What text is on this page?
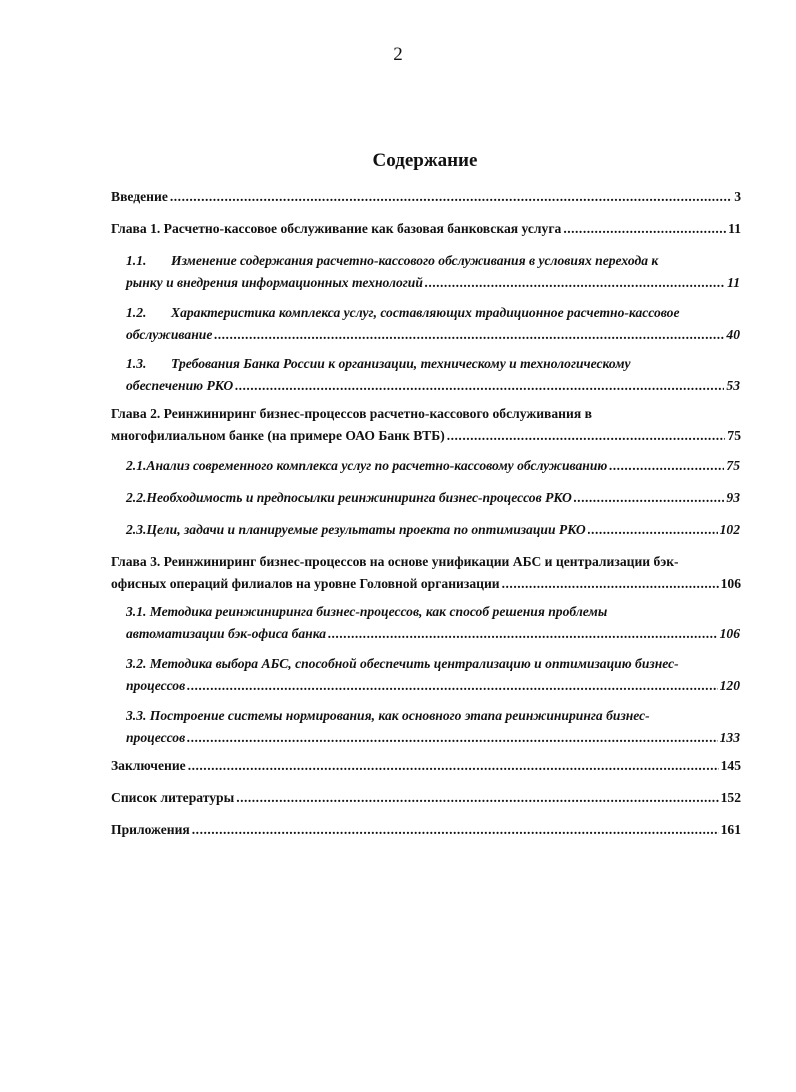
2
Содержание
Введение .....	3
Глава 1. Расчетно-кассовое обслуживание как базовая банковская услуга .....	11
1.1.	Изменение содержания расчетно-кассового обслуживания в условиях перехода к
рынку и внедрения информационных технологий .....	11
1.2.	Характеристика комплекса услуг, составляющих традиционное расчетно-кассовое
обслуживание .....	40
1.3.	Требования Банка России к организации, техническому и технологическому
обеспечению РКО .....	53
Глава 2. Реинжиниринг бизнес-процессов расчетно-кассового обслуживания в
многофилиальном банке (на примере ОАО Банк ВТБ) .....	75
2.1. Анализ современного комплекса услуг по расчетно-кассовому обслуживанию .....	75
2.2. Необходимость и предпосылки реинжиниринга бизнес-процессов РКО .....	93
2.3. Цели, задачи и планируемые результаты проекта по оптимизации РКО .....	102
Глава 3. Реинжиниринг бизнес-процессов на основе унификации АБС и централизации бэк-
офисных операций филиалов на уровне Головной организации .....	106
3.1. Методика реинжиниринга бизнес-процессов, как способ решения проблемы
автоматизации бэк-офиса банка .....	106
3.2. Методика выбора АБС, способной обеспечить централизацию и оптимизацию бизнес-
процессов .....	120
3.3. Построение системы нормирования, как основного этапа реинжиниринга бизнес-
процессов .....	133
Заключение .....	145
Список литературы .....	152
Приложения .....	161
